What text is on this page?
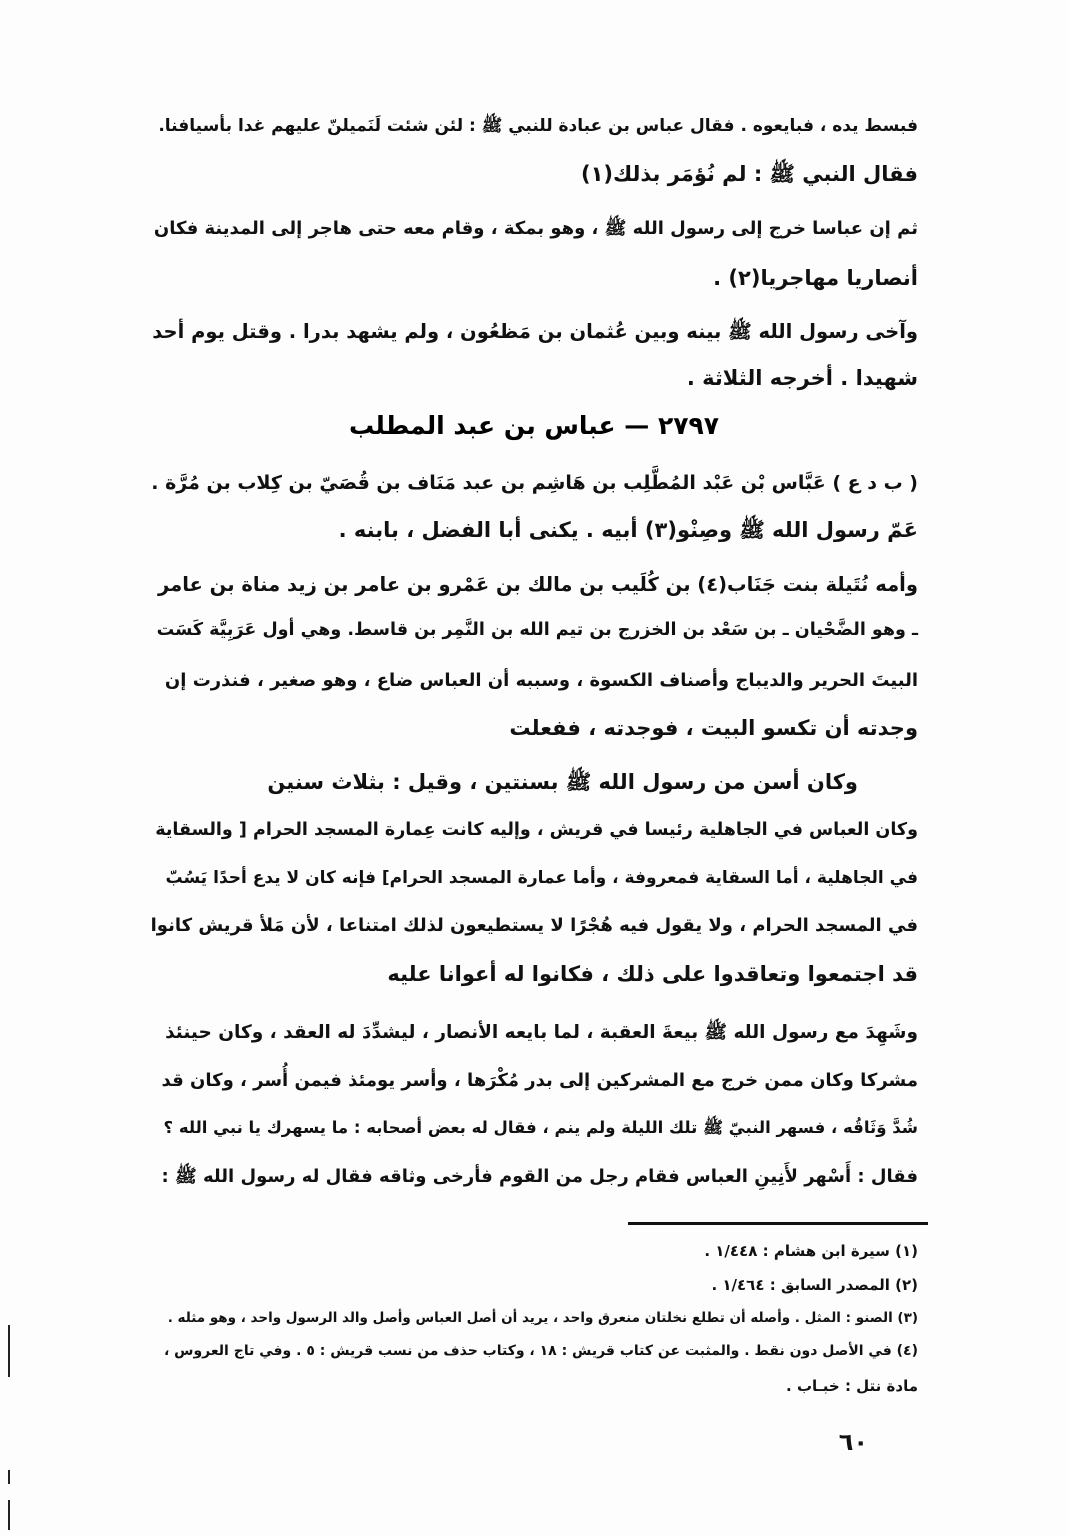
فبسط يده ، فبايعوه . فقال عباس بن عبادة للنبي ﷺ : لئن شئت لَنَميلنّ عليهم غدا بأسيافنا.
فقال النبي ﷺ : لم نُؤمَر بذلك(١)
ثم إن عباسا خرج إلى رسول الله ﷺ ، وهو بمكة ، وقام معه حتى هاجر إلى المدينة فكان
أنصاريا مهاجريا(٢) .
وآخى رسول الله ﷺ بينه وبين عُثمان بن مَظعُون ، ولم يشهد بدرا . وقتل يوم أحد
شهيدا . أخرجه الثلاثة .
٢٧٩٧ — عباس بن عبد المطلب
( ب د ع ) عَبَّاس بْن عَبْد المُطَّلِب بن هَاشِم بن عبد مَنَاف بن قُصَيّ بن كِلاب بن مُرَّة .
عَمّ رسول الله ﷺ وصِنْو(٣) أبيه . يكنى أبا الفضل ، بابنه .
وأمه نُتَيلة بنت جَنَاب(٤) بن كُلَيب بن مالك بن عَمْرو بن عامر بن زيد مناة بن عامر
ـ وهو الضَّحْيان ـ بن سَعْد بن الخزرج بن تيم الله بن النَّمِر بن قاسط. وهي أول عَرَبِيَّة كَسَت
البيتَ الحرير والديباج وأصناف الكسوة ، وسببه أن العباس ضاع ، وهو صغير ، فنذرت إن
وجدته أن تكسو البيت ، فوجدته ، ففعلت
وكان أسن من رسول الله ﷺ بسنتين ، وقيل : بثلاث سنين
وكان العباس في الجاهلية رئيسا في قريش ، وإليه كانت عِمارة المسجد الحرام [ والسقاية
في الجاهلية ، أما السقاية فمعروفة ، وأما عمارة المسجد الحرام] فإنه كان لا يدع أحدًا يَسُبّ
في المسجد الحرام ، ولا يقول فيه هُجْرًا لا يستطيعون لذلك امتناعا ، لأن مَلأ قريش كانوا
قد اجتمعوا وتعاقدوا على ذلك ، فكانوا له أعوانا عليه
وشَهِدَ مع رسول الله ﷺ بيعةَ العقبة ، لما بايعه الأنصار ، ليشدِّدَ له العقد ، وكان حينئذ
مشركا وكان ممن خرج مع المشركين إلى بدر مُكْرَها ، وأسر يومئذ فيمن أُسر ، وكان قد
شُدَّ وَثَاقُه ، فسهر النبيّ ﷺ تلك الليلة ولم ينم ، فقال له بعض أصحابه : ما يسهرك يا نبي الله ؟
فقال : أَسْهر لأَنِينِ العباس فقام رجل من القوم فأرخى وثاقه فقال له رسول الله ﷺ :
(١) سيرة ابن هشام : ١/٤٤٨ .
(٢) المصدر السابق : ١/٤٦٤ .
(٣) الصنو : المثل . وأصله أن تطلع نخلتان منعرق واحد ، يريد أن أصل العباس وأصل والد الرسول واحد ، وهو مثله .
(٤) في الأصل دون نقط . والمثبت عن كتاب قريش : ١٨ ، وكتاب حذف من نسب قريش : ٥ . وفي تاج العروس ،
مادة نتل : خبـاب .
٦٠
